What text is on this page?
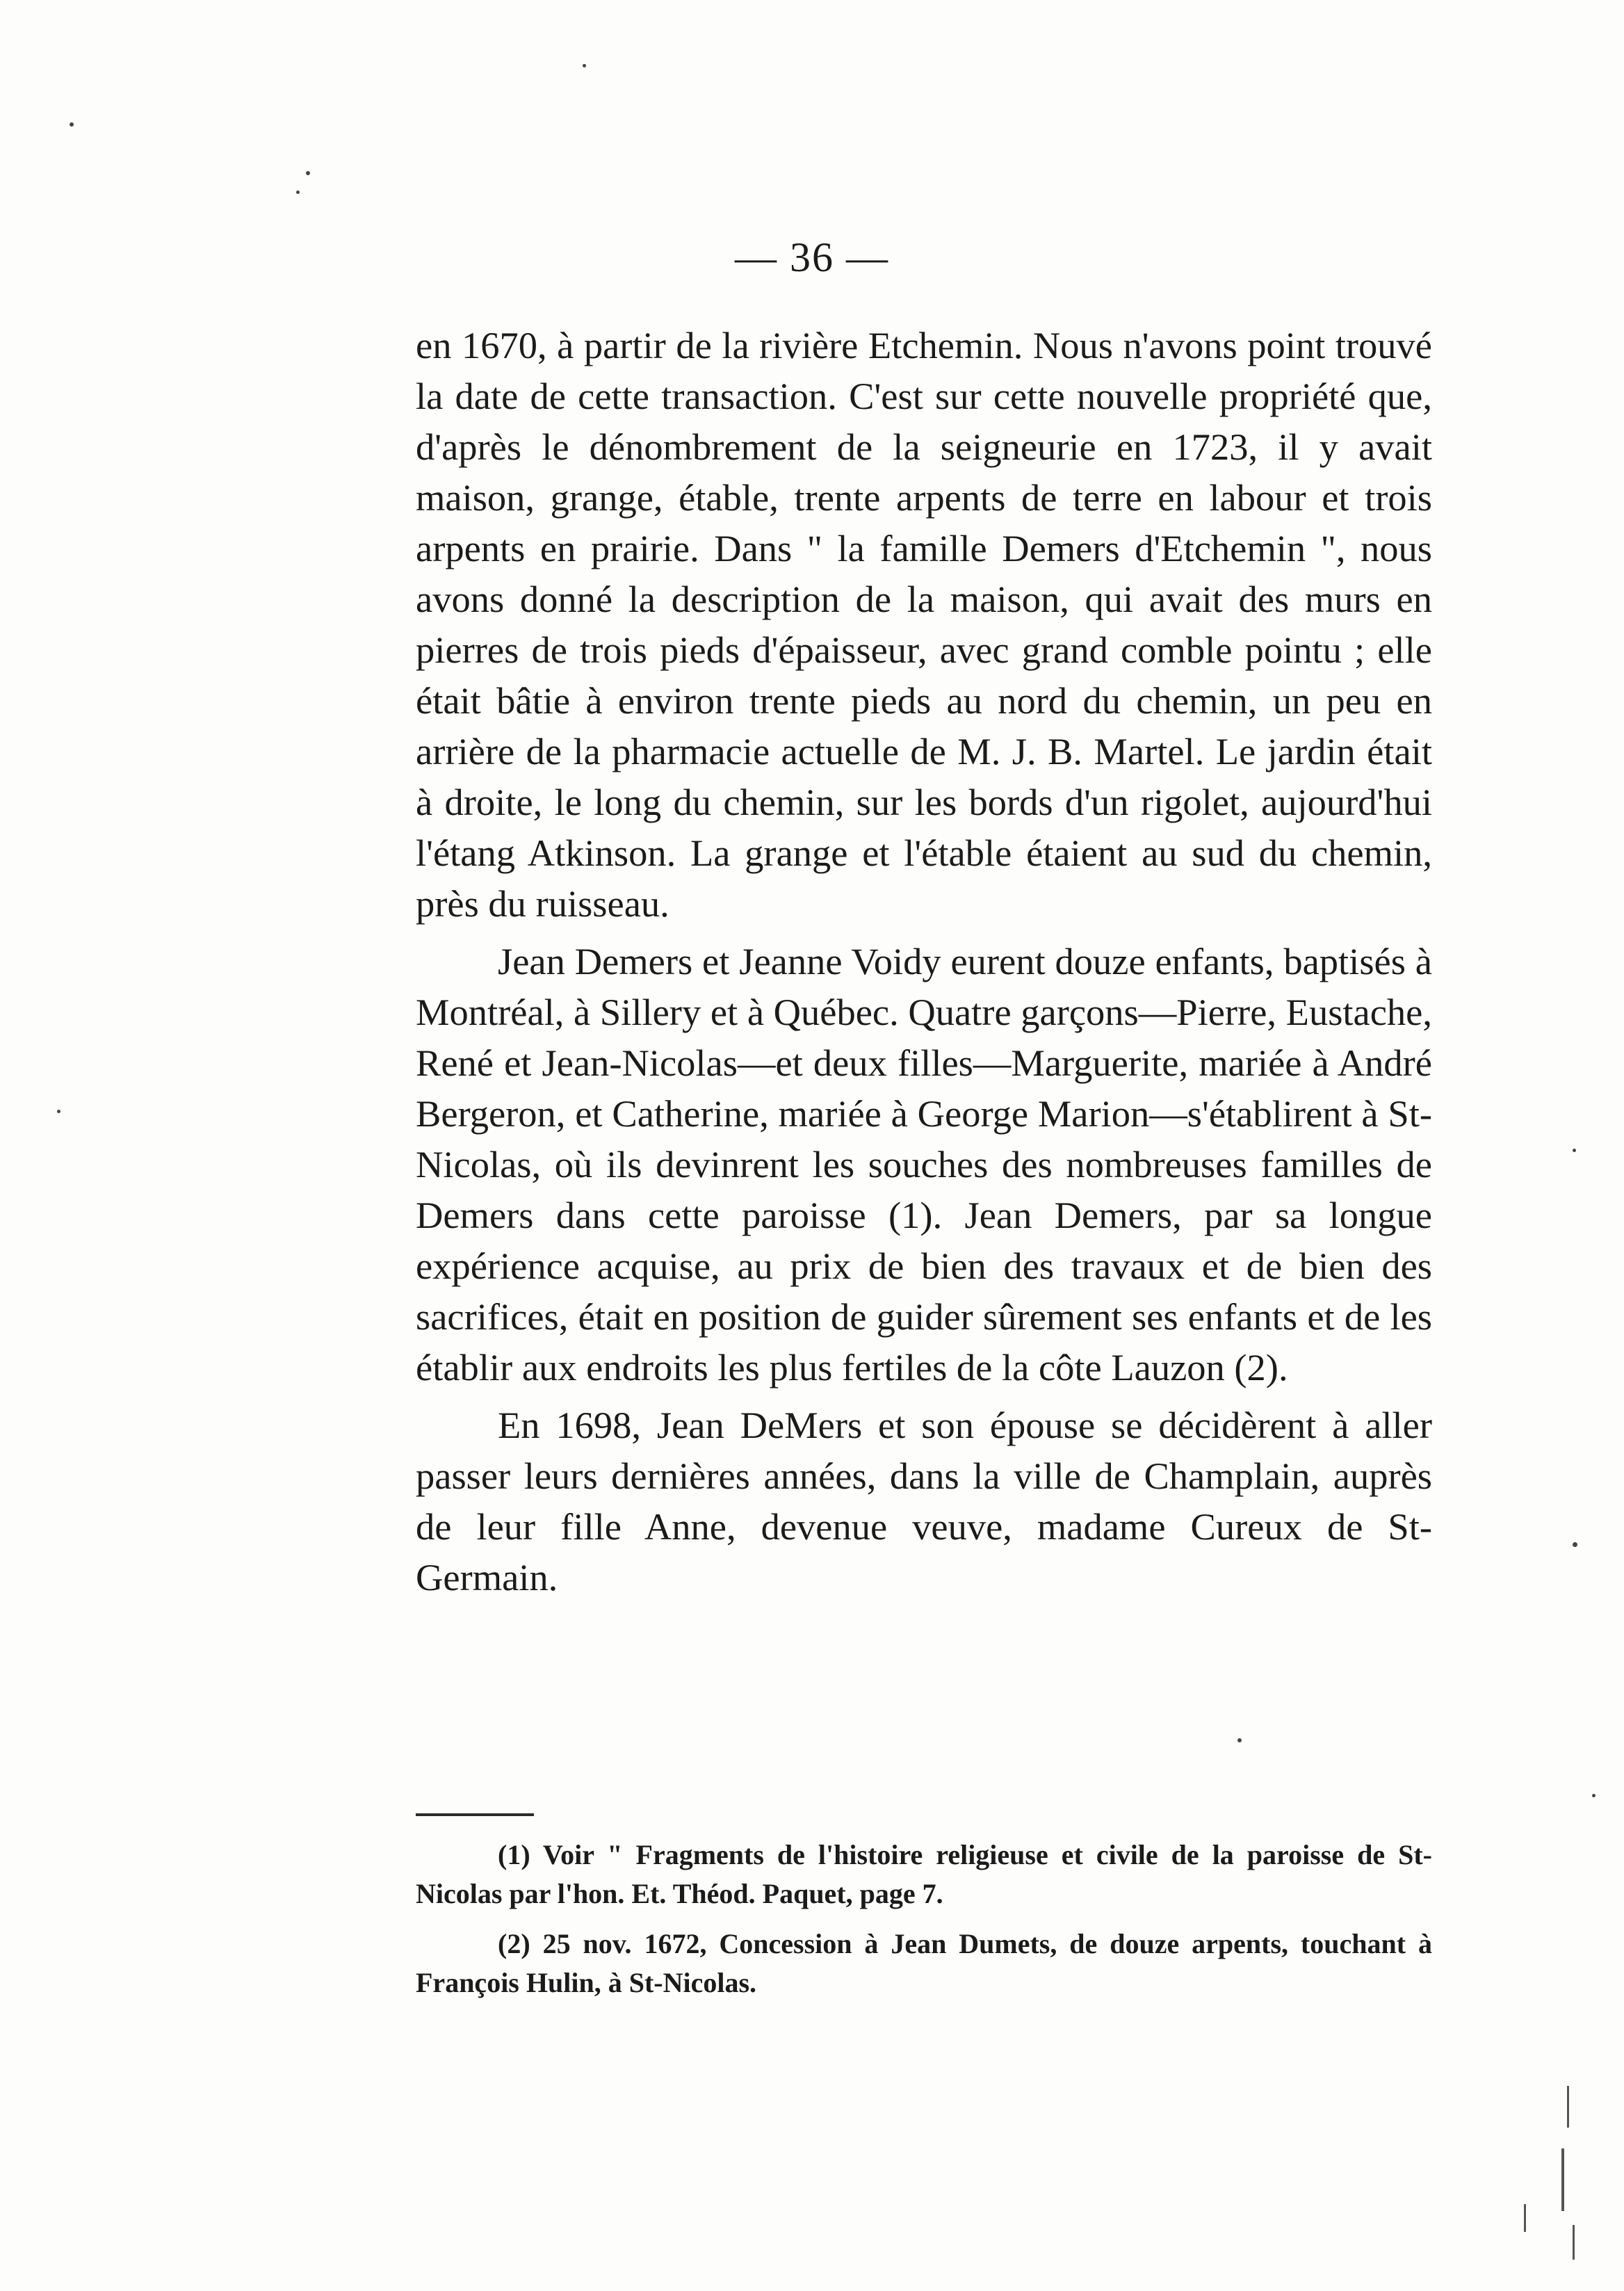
— 36 —

en 1670, à partir de la rivière Etchemin. Nous n'avons point trouvé la date de cette transaction. C'est sur cette nouvelle propriété que, d'après le dénombrement de la seigneurie en 1723, il y avait maison, grange, étable, trente arpents de terre en labour et trois arpents en prairie. Dans " la famille Demers d'Etchemin ", nous avons donné la description de la maison, qui avait des murs en pierres de trois pieds d'épaisseur, avec grand comble pointu ; elle était bâtie à environ trente pieds au nord du chemin, un peu en arrière de la pharmacie actuelle de M. J. B. Martel. Le jardin était à droite, le long du chemin, sur les bords d'un rigolet, aujourd'hui l'étang Atkinson. La grange et l'étable étaient au sud du chemin, près du ruisseau.

Jean Demers et Jeanne Voidy eurent douze enfants, baptisés à Montréal, à Sillery et à Québec. Quatre garçons—Pierre, Eustache, René et Jean-Nicolas—et deux filles—Marguerite, mariée à André Bergeron, et Catherine, mariée à George Marion—s'établirent à St-Nicolas, où ils devinrent les souches des nombreuses familles de Demers dans cette paroisse (1). Jean Demers, par sa longue expérience acquise, au prix de bien des travaux et de bien des sacrifices, était en position de guider sûrement ses enfants et de les établir aux endroits les plus fertiles de la côte Lauzon (2).

En 1698, Jean DeMers et son épouse se décidèrent à aller passer leurs dernières années, dans la ville de Champlain, auprès de leur fille Anne, devenue veuve, madame Cureux de St-Germain.

(1) Voir " Fragments de l'histoire religieuse et civile de la paroisse de St-Nicolas par l'hon. Et. Théod. Paquet, page 7.

(2) 25 nov. 1672, Concession à Jean Dumets, de douze arpents, touchant à François Hulin, à St-Nicolas.
